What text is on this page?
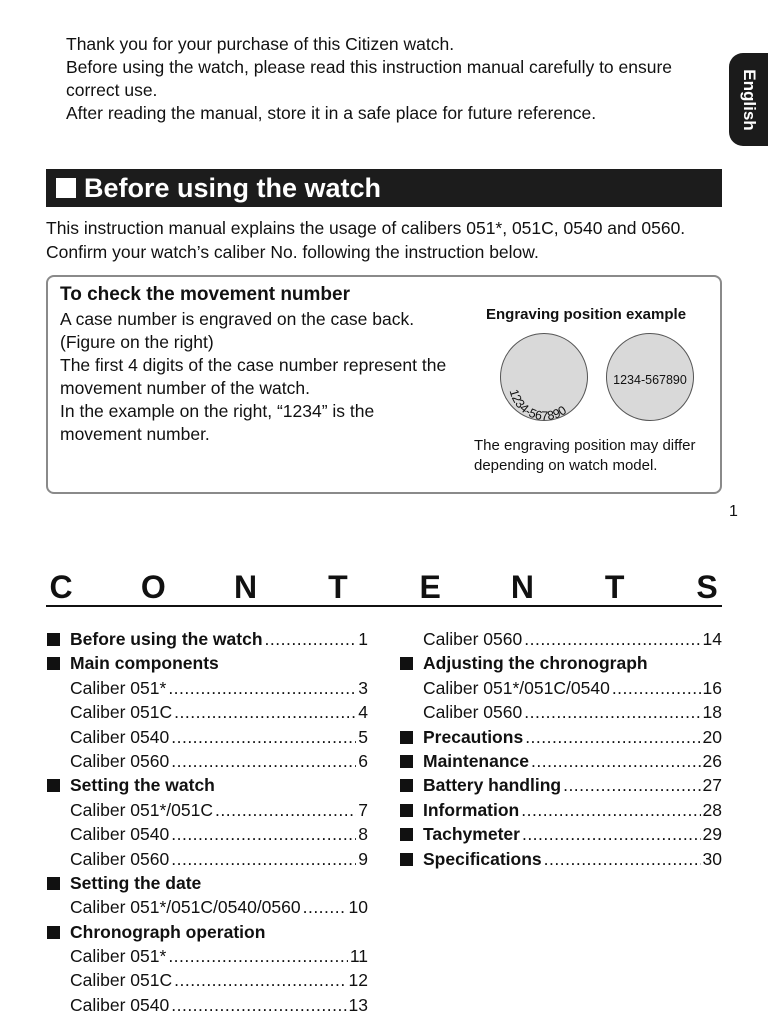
Thank you for your purchase of this Citizen watch.

Before using the watch, please read this instruction manual carefully to ensure correct use.

After reading the manual, store it in a safe place for future reference.	English
Before using the watch

This instruction manual explains the usage of calibers 051*, 051C, 0540 and 0560. Confirm your watch’s caliber No. following the instruction below.

To check the movement number

A case number is engraved on the case back.

(Figure on the right)

The first 4 digits of the case number represent the movement number of the watch.

In the example on the right, “1234” is the movement number.

Engraving position example
1234-567890
1234-567890

The engraving position may differ depending on watch model.

1
C O N T E N T S
Before using the watch .....	1
Main components
Caliber 051* .....	3
Caliber 051C .....	4
Caliber 0540 .....	5
Caliber 0560 .....	6
Setting the watch
Caliber 051*/051C .....	7
Caliber 0540 .....	8
Caliber 0560 .....	9
Setting the date
Caliber 051*/051C/0540/0560 .....	10
Chronograph operation
Caliber 051* .....	11
Caliber 051C .....	12
Caliber 0540 .....	13
Caliber 0560 .....	14
Adjusting the chronograph
Caliber 051*/051C/0540 .....	16
Caliber 0560 .....	18
Precautions .....	20
Maintenance .....	26
Battery handling .....	27
Information .....	28
Tachymeter .....	29
Specifications .....	30
